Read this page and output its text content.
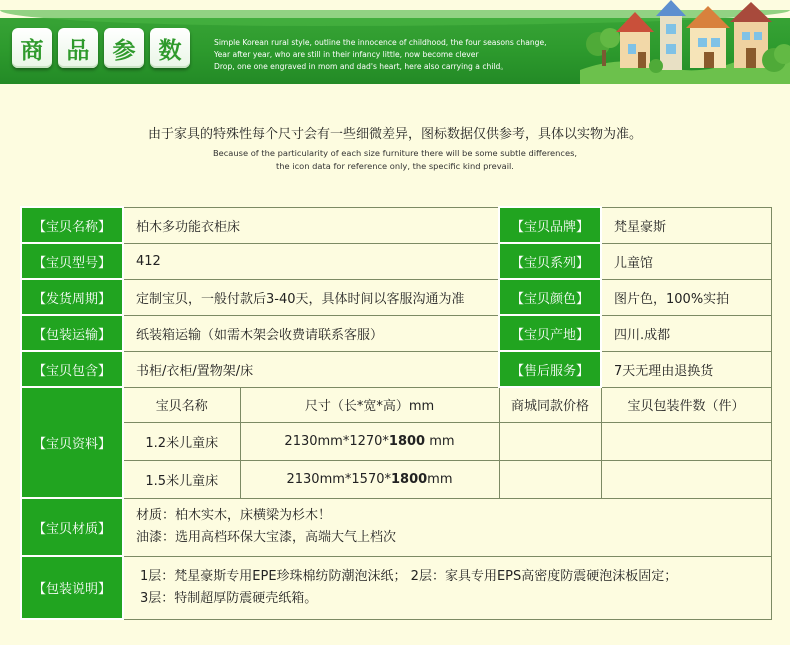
商	品	参	数	Simple Korean rural style, outline the innocence of childhood, the four seasons change,
Year after year, who are still in their infancy little, now become clever
Drop, one one engraved in mom and dad's heart, here also carrying a child。
由于家具的特殊性每个尺寸会有一些细微差异，图标数据仅供参考，具体以实物为准。
Because of the particularity of each size furniture there will be some subtle differences,
the icon data for reference only, the specific kind prevail.
【宝贝名称】	柏木多功能衣柜床		【宝贝品牌】	梵星豪斯
【宝贝型号】	412		【宝贝系列】	儿童馆
【发货周期】	定制宝贝，一般付款后3-40天，具体时间以客服沟通为准		【宝贝颜色】	图片色，100%实拍
【包装运输】	纸装箱运输（如需木架会收费请联系客服）		【宝贝产地】	四川.成都
【宝贝包含】	书柜/衣柜/置物架/床		【售后服务】	7天无理由退换货
【宝贝资料】	宝贝名称	尺寸（长*宽*高）mm	商城同款价格	宝贝包装件数（件）
	1.2米儿童床	2130mm*1270*1800 mm		
	1.5米儿童床	2130mm*1570*1800mm		
【宝贝材质】	材质：柏木实木，床横梁为杉木！
油漆：选用高档环保大宝漆，高端大气上档次			

【包装说明】	1层：梵星豪斯专用EPE珍珠棉纺防潮泡沫纸； 2层：家具专用EPS高密度防震硬泡沫板固定；
3层：特制超厚防震硬壳纸箱。			
